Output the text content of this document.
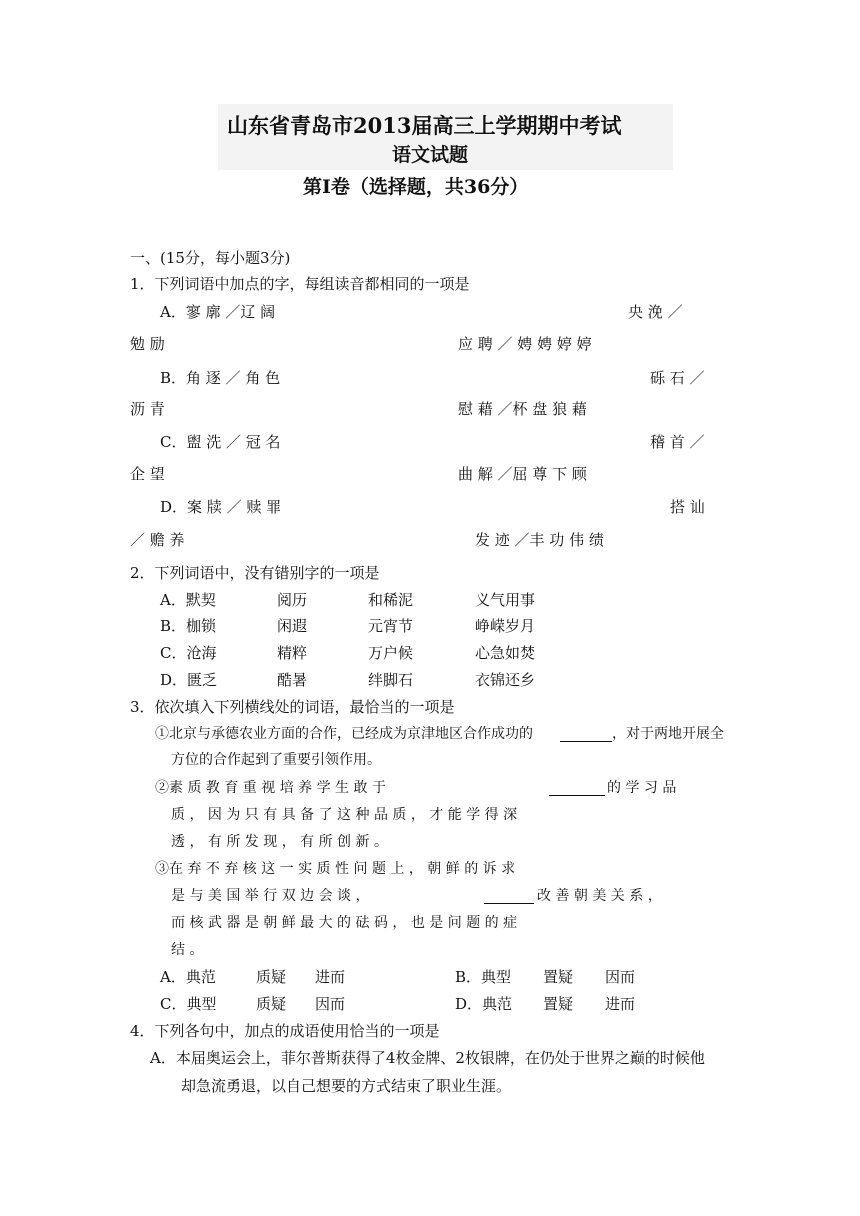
山东省青岛市2013届高三上学期期中考试
语文试题
第Ⅰ卷（选择题，共36分）
一、(15分，每小题3分)
1．下列词语中加点的字，每组读音都相同的一项是
A．寥 廓 ／辽 阔	央 浼 ／
勉 励	应 聘 ／ 娉 娉 婷 婷
B．角 逐 ／ 角 色	砾 石 ／
沥 青	慰 藉 ／杯 盘 狼 藉
C．盥 洗 ／ 冠 名	稽 首 ／
企 望	曲 解 ／屈 尊 下 顾
D．案 牍 ／ 赎 罪	搭 讪
／ 赡 养	发 迹 ／丰 功 伟 绩
2．下列词语中，没有错别字的一项是
A．默契	阅历	和稀泥	义气用事
B．枷锁	闲遐	元宵节	峥嵘岁月
C．沧海	精粹	万户候	心急如焚
D．匮乏	酷暑	绊脚石	衣锦还乡
3．依次填入下列横线处的词语，最恰当的一项是
①北京与承德农业方面的合作，已经成为京津地区合作成功的	，对于两地开展全
方位的合作起到了重要引领作用。
②素 质 教 育 重 视 培 养 学 生 敢 于	的 学 习 品
质 ， 因 为 只 有 具 备 了 这 种 品 质 ， 才 能 学 得 深
透 ， 有 所 发 现 ， 有 所 创 新 。
③在 弃 不 弃 核 这 一 实 质 性 问 题 上 ， 朝 鲜 的 诉 求
是 与 美 国 举 行 双 边 会 谈 ，	改 善 朝 美 关 系 ，
而 核 武 器 是 朝 鲜 最 大 的 砝 码 ， 也 是 问 题 的 症
结 。
A．典范	质疑 进而	B．典型 置疑 因而
C．典型	质疑 因而	D．典范 置疑 进而
4．下列各句中，加点的成语使用恰当的一项是
A．本届奥运会上，菲尔普斯获得了4枚金牌、2枚银牌，在仍处于世界之巅的时候他
却急流勇退，以自己想要的方式结束了职业生涯。
